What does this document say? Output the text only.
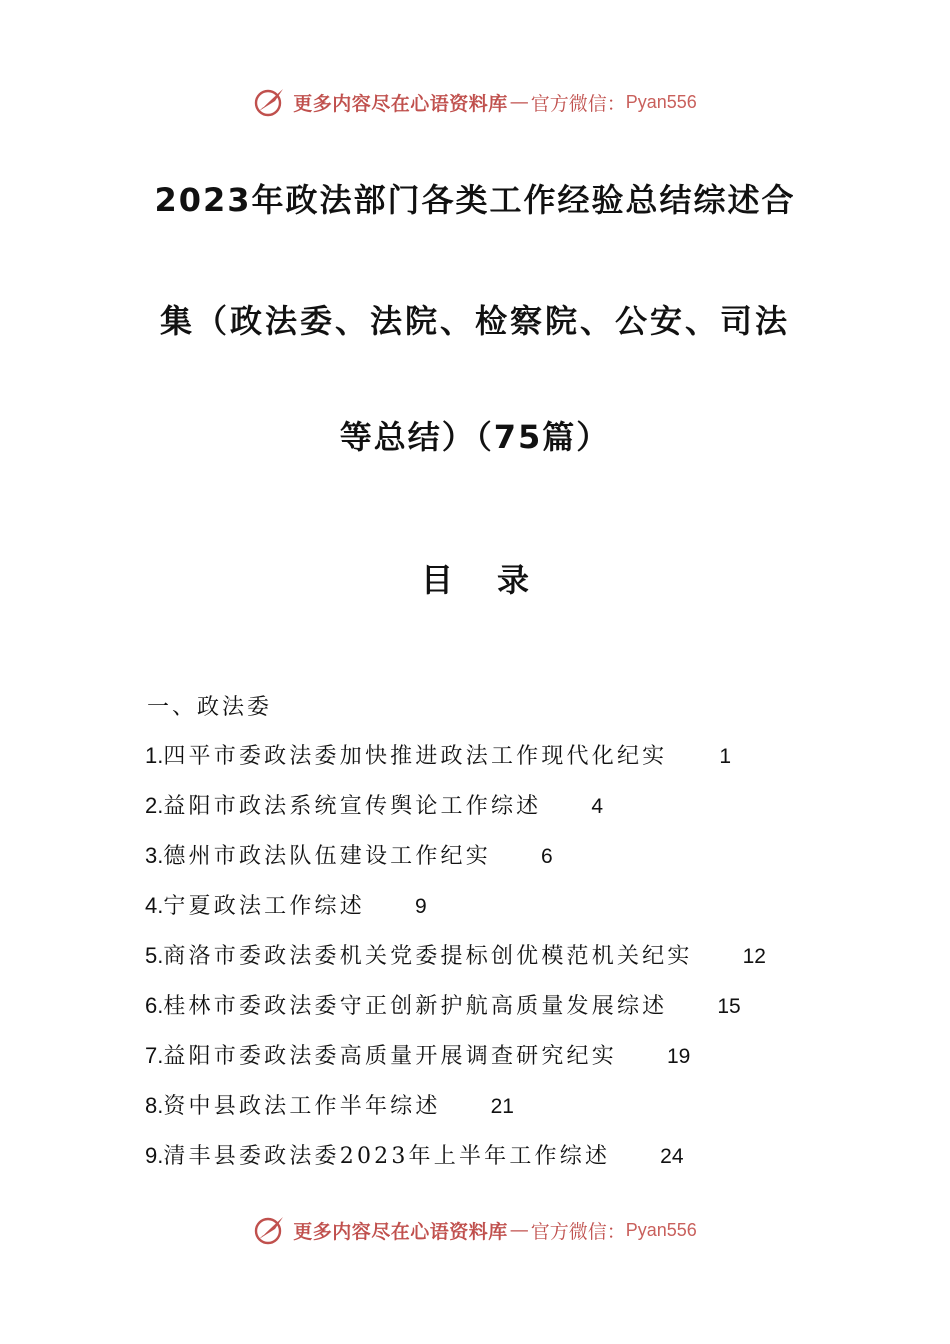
更多内容尽在心语资料库 — 官方微信： Pyan556
2023年政法部门各类工作经验总结综述合
集（政法委、法院、检察院、公安、司法
等总结）（75篇）
目录
一、政法委
1.四平市委政法委加快推进政法工作现代化纪实 1
2.益阳市政法系统宣传舆论工作综述 4
3.德州市政法队伍建设工作纪实 6
4.宁夏政法工作综述 9
5.商洛市委政法委机关党委提标创优模范机关纪实 12
6.桂林市委政法委守正创新护航高质量发展综述 15
7.益阳市委政法委高质量开展调查研究纪实 19
8.资中县政法工作半年综述 21
9.清丰县委政法委2023年上半年工作综述 24
更多内容尽在心语资料库 — 官方微信： Pyan556
